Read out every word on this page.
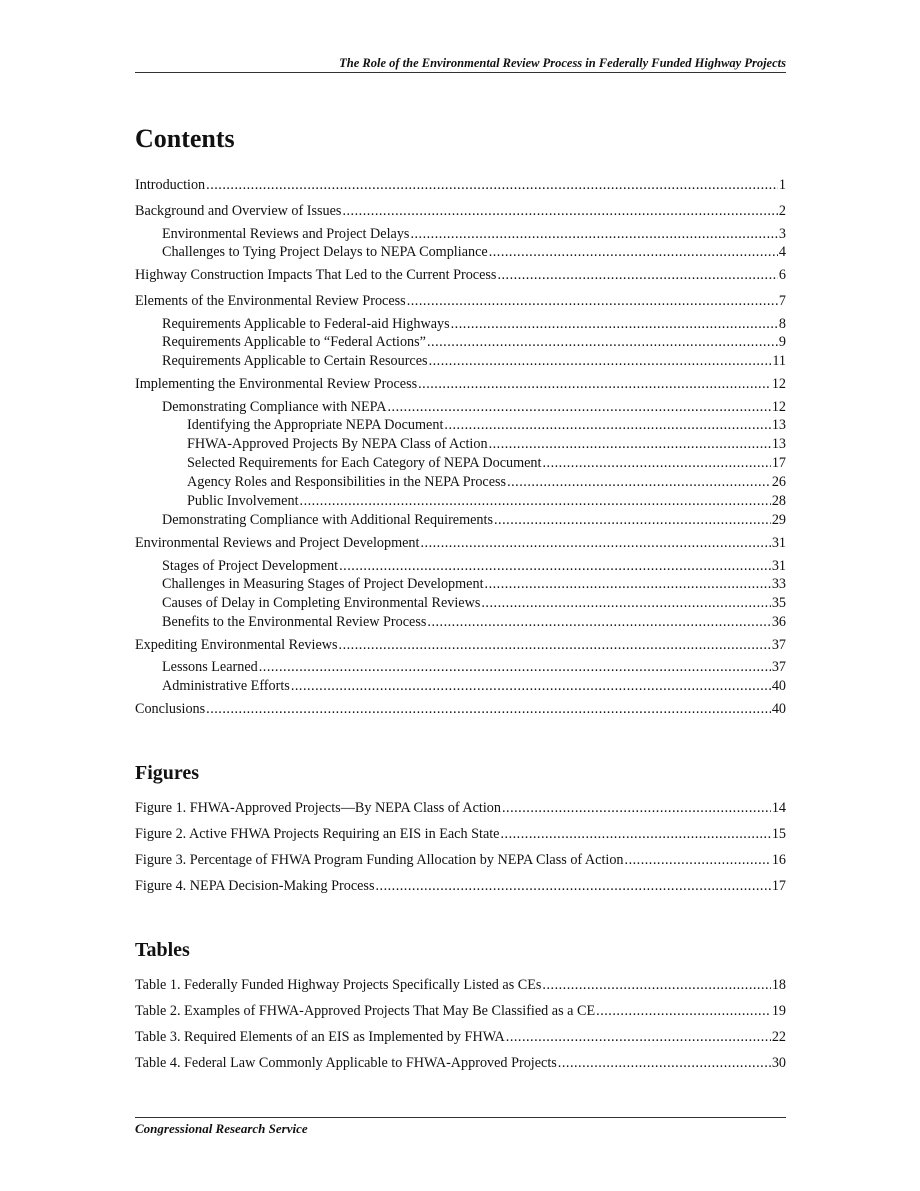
The Role of the Environmental Review Process in Federally Funded Highway Projects
Contents
Introduction .....	1
Background and Overview of Issues .....	2
Environmental Reviews and Project Delays .....	3
Challenges to Tying Project Delays to NEPA Compliance .....	4
Highway Construction Impacts That Led to the Current Process .....	6
Elements of the Environmental Review Process .....	7
Requirements Applicable to Federal-aid Highways .....	8
Requirements Applicable to “Federal Actions” .....	9
Requirements Applicable to Certain Resources .....	11
Implementing the Environmental Review Process .....	12
Demonstrating Compliance with NEPA .....	12
Identifying the Appropriate NEPA Document .....	13
FHWA-Approved Projects By NEPA Class of Action .....	13
Selected Requirements for Each Category of NEPA Document .....	17
Agency Roles and Responsibilities in the NEPA Process .....	26
Public Involvement .....	28
Demonstrating Compliance with Additional Requirements .....	29
Environmental Reviews and Project Development .....	31
Stages of Project Development .....	31
Challenges in Measuring Stages of Project Development .....	33
Causes of Delay in Completing Environmental Reviews .....	35
Benefits to the Environmental Review Process .....	36
Expediting Environmental Reviews .....	37
Lessons Learned .....	37
Administrative Efforts .....	40
Conclusions .....	40
Figures
Figure 1. FHWA-Approved Projects—By NEPA Class of Action .....	14
Figure 2. Active FHWA Projects Requiring an EIS in Each State .....	15
Figure 3. Percentage of FHWA Program Funding Allocation by NEPA Class of Action .....	16
Figure 4. NEPA Decision-Making Process .....	17
Tables
Table 1. Federally Funded Highway Projects Specifically Listed as CEs .....	18
Table 2. Examples of FHWA-Approved Projects That May Be Classified as a CE .....	19
Table 3. Required Elements of an EIS as Implemented by FHWA .....	22
Table 4. Federal Law Commonly Applicable to FHWA-Approved Projects .....	30
Congressional Research Service
